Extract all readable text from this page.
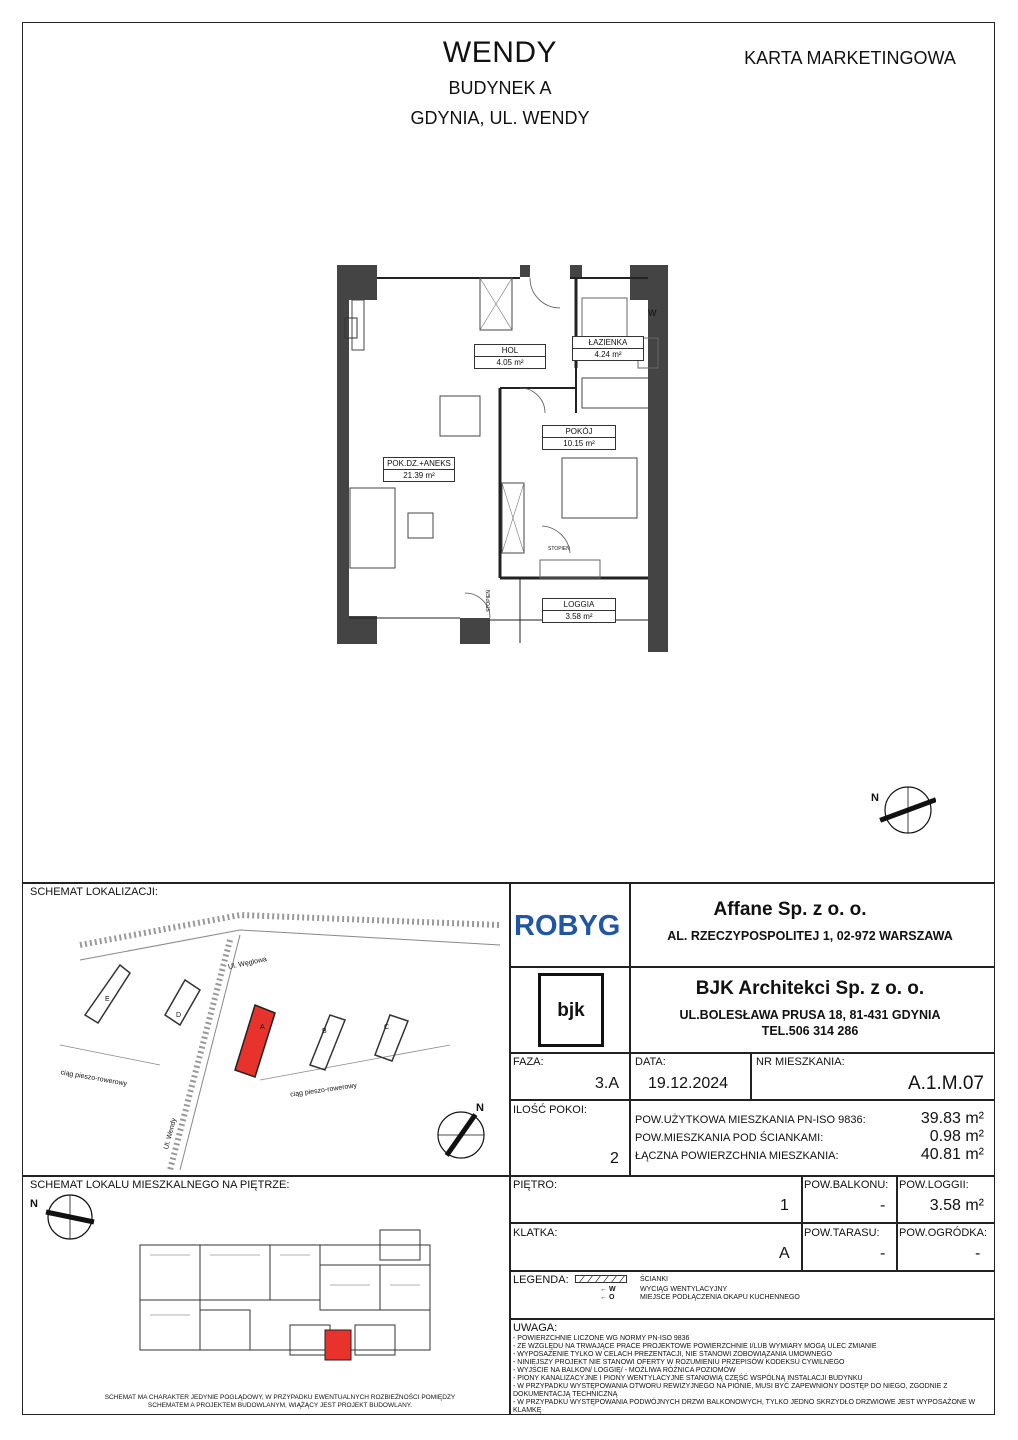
WENDY
BUDYNEK A
GDYNIA, UL. WENDY
KARTA MARKETINGOWA
W
HOL
4.05 m²
ŁAZIENKA
4.24 m²
POKÓJ
10.15 m²
POK.DZ.+ANEKS
21.39 m²
LOGGIA
3.58 m²
STOPIEŃ
STOPIEŃ
N
SCHEMAT LOKALIZACJI:
Ul. Węglowa
Ul. Wendy
ciąg pieszo-rowerowy
ciąg pieszo-rowerowy
E
D
A
B
C
N
SCHEMAT LOKALU MIESZKALNEGO NA PIĘTRZE:
N
SCHEMAT MA CHARAKTER JEDYNIE POGLĄDOWY, W PRZYPADKU EWENTUALNYCH ROZBIEŻNOŚCI POMIĘDZY SCHEMATEM A PROJEKTEM BUDOWLANYM, WIĄŻĄCY JEST PROJEKT BUDOWLANY.
ROBYG
Affane Sp. z o. o.
AL. RZECZYPOSPOLITEJ 1, 02-972 WARSZAWA
bjk
BJK Architekci Sp. z o. o.
UL.BOLESŁAWA PRUSA 18, 81-431 GDYNIA
TEL.506 314 286
FAZA:
3.A
DATA:
19.12.2024
NR MIESZKANIA:
A.1.M.07
ILOŚĆ POKOI:
2
POW.UŻYTKOWA MIESZKANIA PN-ISO 9836:	39.83 m²
POW.MIESZKANIA POD ŚCIANKAMI:	0.98 m²
ŁĄCZNA POWIERZCHNIA MIESZKANIA:	40.81 m²
PIĘTRO:
1
POW.BALKONU:
-
POW.LOGGII:
3.58 m²
KLATKA:
A
POW.TARASU:
-
POW.OGRÓDKA:
-
LEGENDA:	ŚCIANKI
← W	WYCIĄG WENTYLACYJNY
← O	MIEJSCE PODŁĄCZENIA OKAPU KUCHENNEGO
UWAGA:
- POWIERZCHNIE LICZONE WG NORMY PN-ISO 9836
- ZE WZGLĘDU NA TRWAJĄCE PRACE PROJEKTOWE POWIERZCHNIE I/LUB WYMIARY MOGĄ ULEC ZMIANIE
- WYPOSAŻENIE TYLKO W CELACH PREZENTACJI, NIE STANOWI ZOBOWIĄZANIA UMOWNEGO
- NINIEJSZY PROJEKT NIE STANOWI OFERTY W ROZUMIENIU PRZEPISÓW KODEKSU CYWILNEGO
- WYJŚCIE NA BALKON/ LOGGIĘ/ - MOŻLIWA RÓŻNICA POZIOMÓW
- PIONY KANALIZACYJNE I PIONY WENTYLACYJNE STANOWIĄ CZĘŚĆ WSPÓLNĄ INSTALACJI BUDYNKU
- W PRZYPADKU WYSTĘPOWANIA OTWORU REWIZYJNEGO NA PIONIE, MUSI BYĆ ZAPEWNIONY DOSTĘP DO NIEGO, ZGODNIE Z DOKUMENTACJĄ TECHNICZNĄ
- W PRZYPADKU WYSTĘPOWANIA PODWÓJNYCH DRZWI BALKONOWYCH, TYLKO JEDNO SKRZYDŁO DRZWIOWE JEST WYPOSAŻONE W KLAMKĘ
